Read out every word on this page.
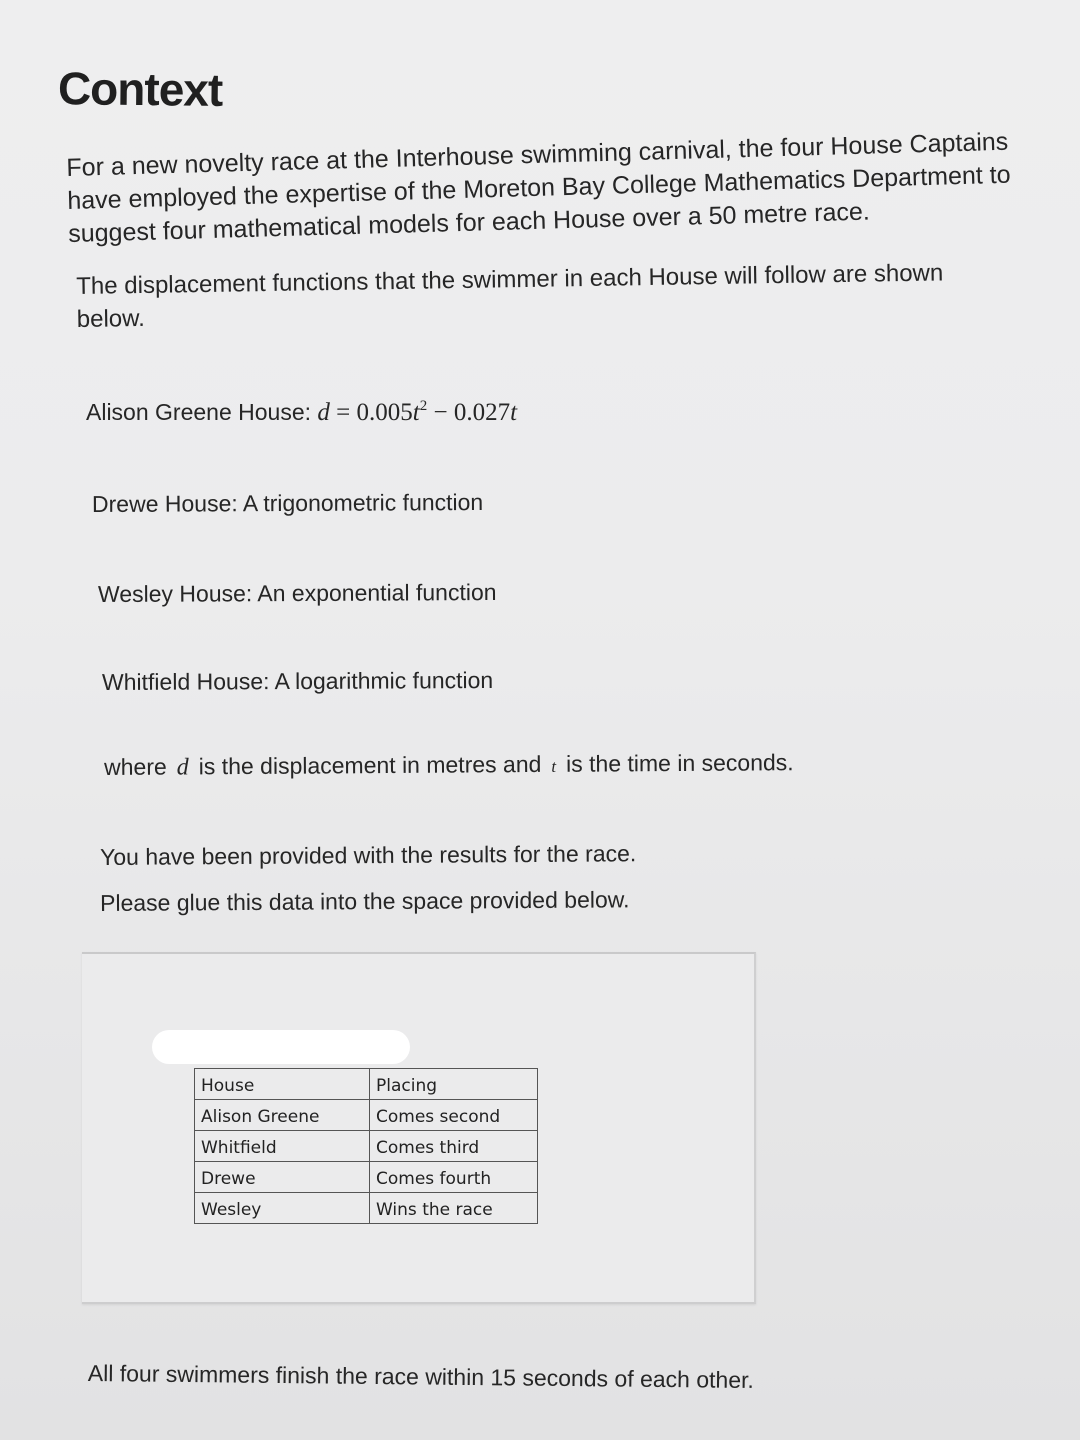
Context
For a new novelty race at the Interhouse swimming carnival, the four House Captains have employed the expertise of the Moreton Bay College Mathematics Department to suggest four mathematical models for each House over a 50 metre race.
The displacement functions that the swimmer in each House will follow are shown below.
Alison Greene House: $d = 0.005t^2 - 0.027t$
Drewe House: A trigonometric function
Wesley House: An exponential function
Whitfield House: A logarithmic function
where d is the displacement in metres and t is the time in seconds.
You have been provided with the results for the race.
Please glue this data into the space provided below.
House	Placing
Alison Greene	Comes second
Whitfield	Comes third
Drewe	Comes fourth
Wesley	Wins the race
All four swimmers finish the race within 15 seconds of each other.
